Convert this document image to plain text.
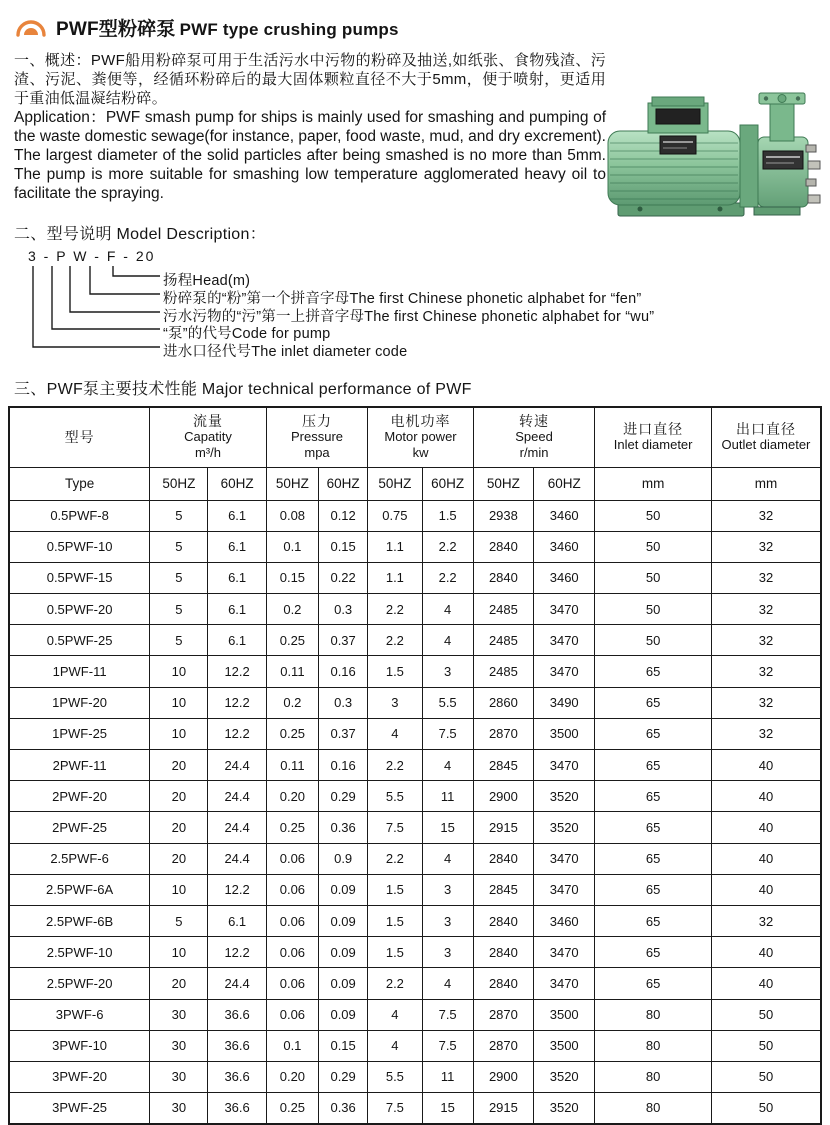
PWF型粉碎泵 PWF type crushing pumps

一、概述：PWF船用粉碎泵可用于生活污水中污物的粉碎及抽送,如纸张、食物残渣、污渣、污泥、粪便等，经循环粉碎后的最大固体颗粒直径不大于5mm，便于喷射，更适用于重油低温凝结粉碎。

Application：PWF smash pump for ships is mainly used for smashing and pumping of the waste domestic sewage(for instance, paper, food waste, mud, and dry excrement). The largest diameter of the solid particles after being smashed is no more than 5mm. The pump is more suitable for smashing low temperature agglomerated heavy oil to facilitate the spraying.

二、型号说明 Model Description：
3 - P W - F - 20
扬程Head(m)
粉碎泵的“粉”第一个拼音字母The first Chinese phonetic alphabet for “fen”
污水污物的“污”第一上拼音字母The first Chinese phonetic alphabet for “wu”
“泵”的代号Code for pump
进水口径代号The inlet diameter code
三、PWF泵主要技术性能 Major technical performance of PWF
型号	
流量
Capatity
m³/h

压力
Pressure
mpa

电机功率
Motor power
kw

转速
Speed
r/min

进口直径
Inlet diameter

出口直径
Outlet diameter

Type	50HZ	60HZ	50HZ	60HZ	50HZ	60HZ	50HZ	60HZ	mm	mm
0.5PWF-8	5	6.1	0.08	0.12	0.75	1.5	2938	3460	50	32
0.5PWF-10	5	6.1	0.1	0.15	1.1	2.2	2840	3460	50	32
0.5PWF-15	5	6.1	0.15	0.22	1.1	2.2	2840	3460	50	32
0.5PWF-20	5	6.1	0.2	0.3	2.2	4	2485	3470	50	32
0.5PWF-25	5	6.1	0.25	0.37	2.2	4	2485	3470	50	32
1PWF-11	10	12.2	0.11	0.16	1.5	3	2485	3470	65	32
1PWF-20	10	12.2	0.2	0.3	3	5.5	2860	3490	65	32
1PWF-25	10	12.2	0.25	0.37	4	7.5	2870	3500	65	32
2PWF-11	20	24.4	0.11	0.16	2.2	4	2845	3470	65	40
2PWF-20	20	24.4	0.20	0.29	5.5	11	2900	3520	65	40
2PWF-25	20	24.4	0.25	0.36	7.5	15	2915	3520	65	40
2.5PWF-6	20	24.4	0.06	0.9	2.2	4	2840	3470	65	40
2.5PWF-6A	10	12.2	0.06	0.09	1.5	3	2845	3470	65	40
2.5PWF-6B	5	6.1	0.06	0.09	1.5	3	2840	3460	65	32
2.5PWF-10	10	12.2	0.06	0.09	1.5	3	2840	3470	65	40
2.5PWF-20	20	24.4	0.06	0.09	2.2	4	2840	3470	65	40
3PWF-6	30	36.6	0.06	0.09	4	7.5	2870	3500	80	50
3PWF-10	30	36.6	0.1	0.15	4	7.5	2870	3500	80	50
3PWF-20	30	36.6	0.20	0.29	5.5	11	2900	3520	80	50
3PWF-25	30	36.6	0.25	0.36	7.5	15	2915	3520	80	50
